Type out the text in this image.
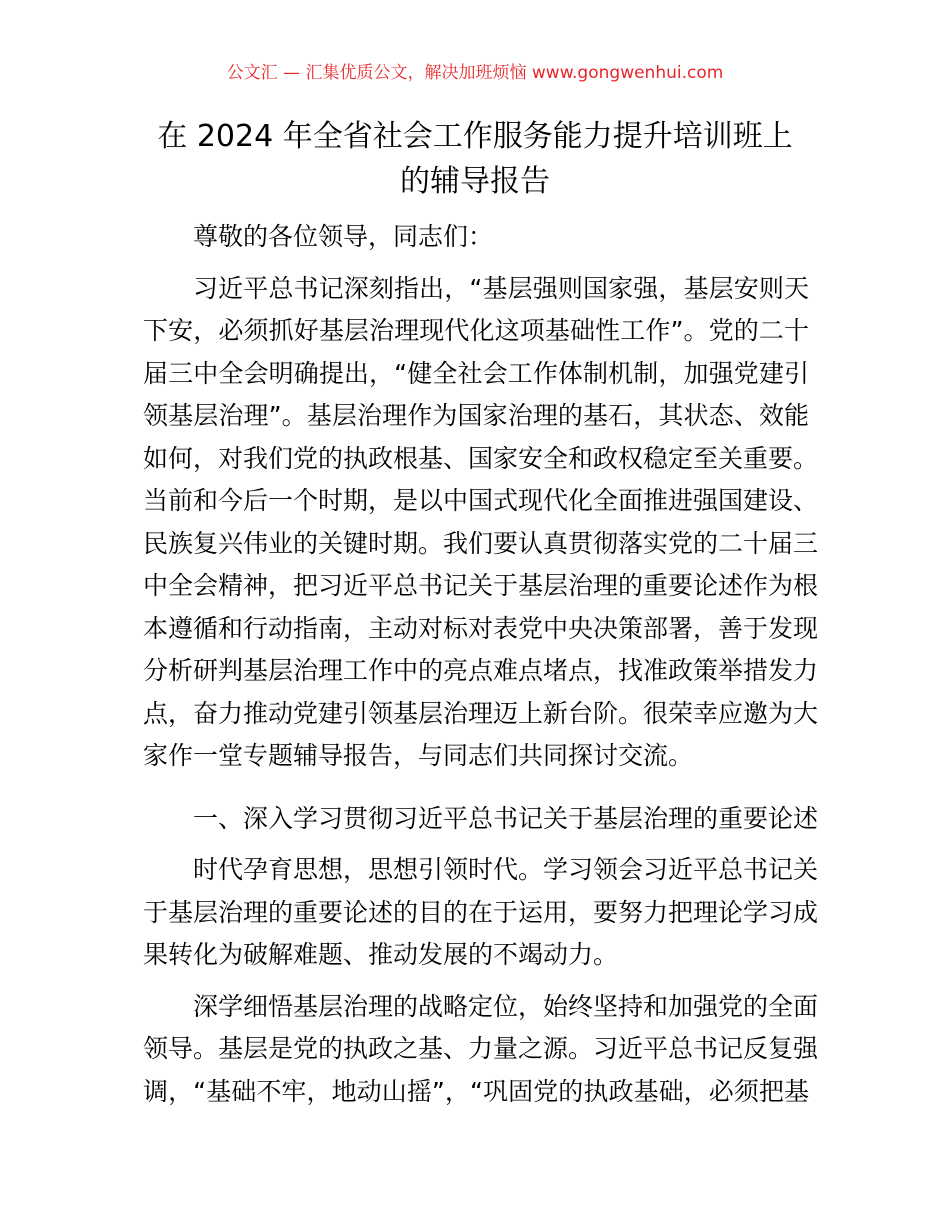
公文汇 — 汇集优质公文，解决加班烦恼 www.gongwenhui.com
在 2024 年全省社会工作服务能力提升培训班上
的辅导报告
尊敬的各位领导，同志们：
习近平总书记深刻指出，“基层强则国家强，基层安则天
下安，必须抓好基层治理现代化这项基础性工作”。党的二十
届三中全会明确提出，“健全社会工作体制机制，加强党建引
领基层治理”。基层治理作为国家治理的基石，其状态、效能
如何，对我们党的执政根基、国家安全和政权稳定至关重要。
当前和今后一个时期，是以中国式现代化全面推进强国建设、
民族复兴伟业的关键时期。我们要认真贯彻落实党的二十届三
中全会精神，把习近平总书记关于基层治理的重要论述作为根
本遵循和行动指南，主动对标对表党中央决策部署，善于发现
分析研判基层治理工作中的亮点难点堵点，找准政策举措发力
点，奋力推动党建引领基层治理迈上新台阶。很荣幸应邀为大
家作一堂专题辅导报告，与同志们共同探讨交流。
一、深入学习贯彻习近平总书记关于基层治理的重要论述
时代孕育思想，思想引领时代。学习领会习近平总书记关
于基层治理的重要论述的目的在于运用，要努力把理论学习成
果转化为破解难题、推动发展的不竭动力。
深学细悟基层治理的战略定位，始终坚持和加强党的全面
领导。基层是党的执政之基、力量之源。习近平总书记反复强
调，“基础不牢，地动山摇”，“巩固党的执政基础，必须把基
